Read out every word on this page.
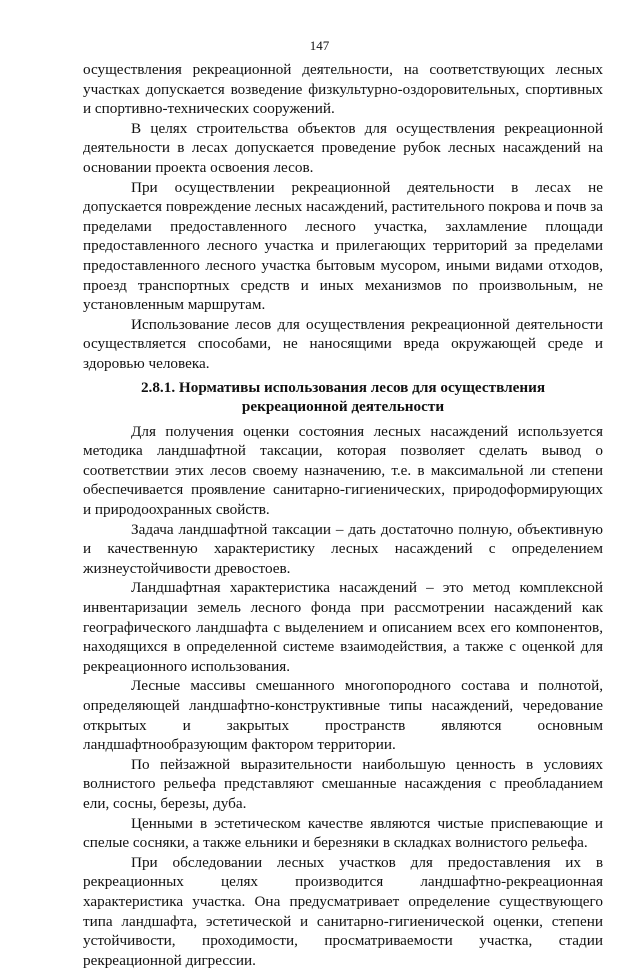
147

осуществления рекреационной деятельности, на соответствующих лесных участках допускается возведение физкультурно-оздоровительных, спортивных и спортивно-технических сооружений.

В целях строительства объектов для осуществления рекреационной деятельности в лесах допускается проведение рубок лесных насаждений на основании проекта освоения лесов.

При осуществлении рекреационной деятельности в лесах не допускается повреждение лесных насаждений, растительного покрова и почв за пределами предоставленного лесного участка, захламление площади предоставленного лесного участка и прилегающих территорий за пределами предоставленного лесного участка бытовым мусором, иными видами отходов, проезд транспортных средств и иных механизмов по произвольным, не установленным маршрутам.

Использование лесов для осуществления рекреационной деятельности осуществляется способами, не наносящими вреда окружающей среде и здоровью человека.

2.8.1. Нормативы использования лесов для осуществления рекреационной деятельности

Для получения оценки состояния лесных насаждений используется методика ландшафтной таксации, которая позволяет сделать вывод о соответствии этих лесов своему назначению, т.е. в максимальной ли степени обеспечивается проявление санитарно-гигиенических, природоформирующих и природоохранных свойств.

Задача ландшафтной таксации – дать достаточно полную, объективную и качественную характеристику лесных насаждений с определением жизнеустойчивости древостоев.

Ландшафтная характеристика насаждений – это метод комплексной инвентаризации земель лесного фонда при рассмотрении насаждений как географического ландшафта с выделением и описанием всех его компонентов, находящихся в определенной системе взаимодействия, а также с оценкой для рекреационного использования.

Лесные массивы смешанного многопородного состава и полнотой, определяющей ландшафтно-конструктивные типы насаждений, чередование открытых и закрытых пространств являются основным ландшафтнообразующим фактором территории.

По пейзажной выразительности наибольшую ценность в условиях волнистого рельефа представляют смешанные насаждения с преобладанием ели, сосны, березы, дуба.

Ценными в эстетическом качестве являются чистые приспевающие и спелые сосняки, а также ельники и березняки в складках волнистого рельефа.

При обследовании лесных участков для предоставления их в рекреационных целях производится ландшафтно-рекреационная характеристика участка. Она предусматривает определение существующего типа ландшафта, эстетической и санитарно-гигиенической оценки, степени устойчивости, проходимости, просматриваемости участка, стадии рекреационной дигрессии.
